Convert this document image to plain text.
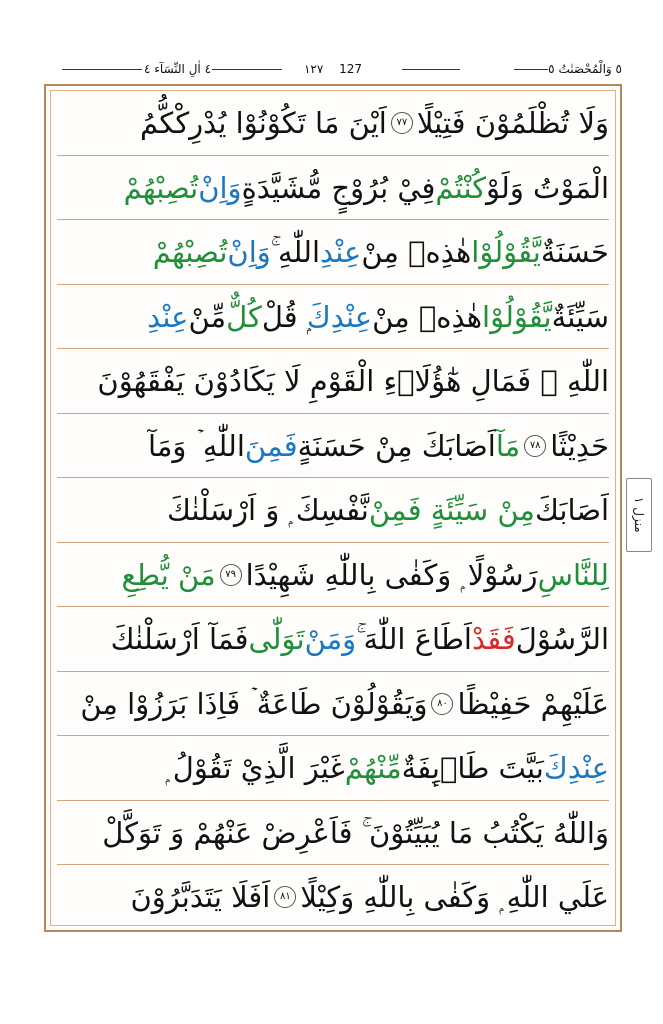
٥ وَالْمُحْصَنٰتُ ٥
٤ اٰلِ النِّسَآء ٤	١٢٧ 127
وَلَا تُظْلَمُوْنَ فَتِيْلًا
٧٧
اَيْنَ مَا تَكُوْنُوْا يُدْرِكْكُّمُ
الْمَوْتُ وَلَوْ
كُنْتُمْ
فِيْ بُرُوْجٍ مُّشَيَّدَةٍ
وَاِنْ
تُصِبْهُمْ
حَسَنَةٌ
يَّقُوْلُوْا
هٰذِهٖ مِنْ
عِنْدِ
اللّٰهِ ۚ
وَاِنْ
تُصِبْهُمْ
سَيِّئَةٌ
يَّقُوْلُوْا
هٰذِهٖ مِنْ
عِنْدِكَ
ۭ قُلْ
كُلٌّ
مِّنْ
عِنْدِ
اللّٰهِ ۭ فَمَالِ هٰٓؤُلَاۗءِ الْقَوْمِ لَا يَكَادُوْنَ يَفْقَهُوْنَ
حَدِيْثًا
٧٨
مَآ
اَصَابَكَ مِنْ حَسَنَةٍ
فَمِنَ
اللّٰهِ ۡ وَمَآ
اَصَابَكَ
مِنْ سَيِّئَةٍ فَمِنْ
نَّفْسِكَ ۭ وَ اَرْسَلْنٰكَ
لِلنَّاسِ
رَسُوْلًا ۭ وَكَفٰى بِاللّٰهِ شَهِيْدًا
٧٩
مَنْ يُّطِعِ
الرَّسُوْلَ
فَقَدْ
اَطَاعَ اللّٰهَ ۚ
وَمَنْ
تَوَلّٰى
فَمَآ اَرْسَلْنٰكَ
عَلَيْهِمْ حَفِيْظًا
٨٠
وَيَقُوْلُوْنَ طَاعَةٌ ۡ فَاِذَا بَرَزُوْا مِنْ
عِنْدِكَ
بَيَّتَ طَاۗىِٕفَةٌ
مِّنْهُمْ
غَيْرَ الَّذِيْ تَقُوْلُ ۭ
وَاللّٰهُ يَكْتُبُ مَا يُبَيِّتُوْنَ ۚ فَاَعْرِضْ عَنْھُمْ وَ تَوَكَّلْ
عَلَي اللّٰهِ ۭ وَكَفٰى بِاللّٰهِ وَكِيْلًا
٨١
اَفَلَا يَتَدَبَّرُوْنَ
منزل ١
